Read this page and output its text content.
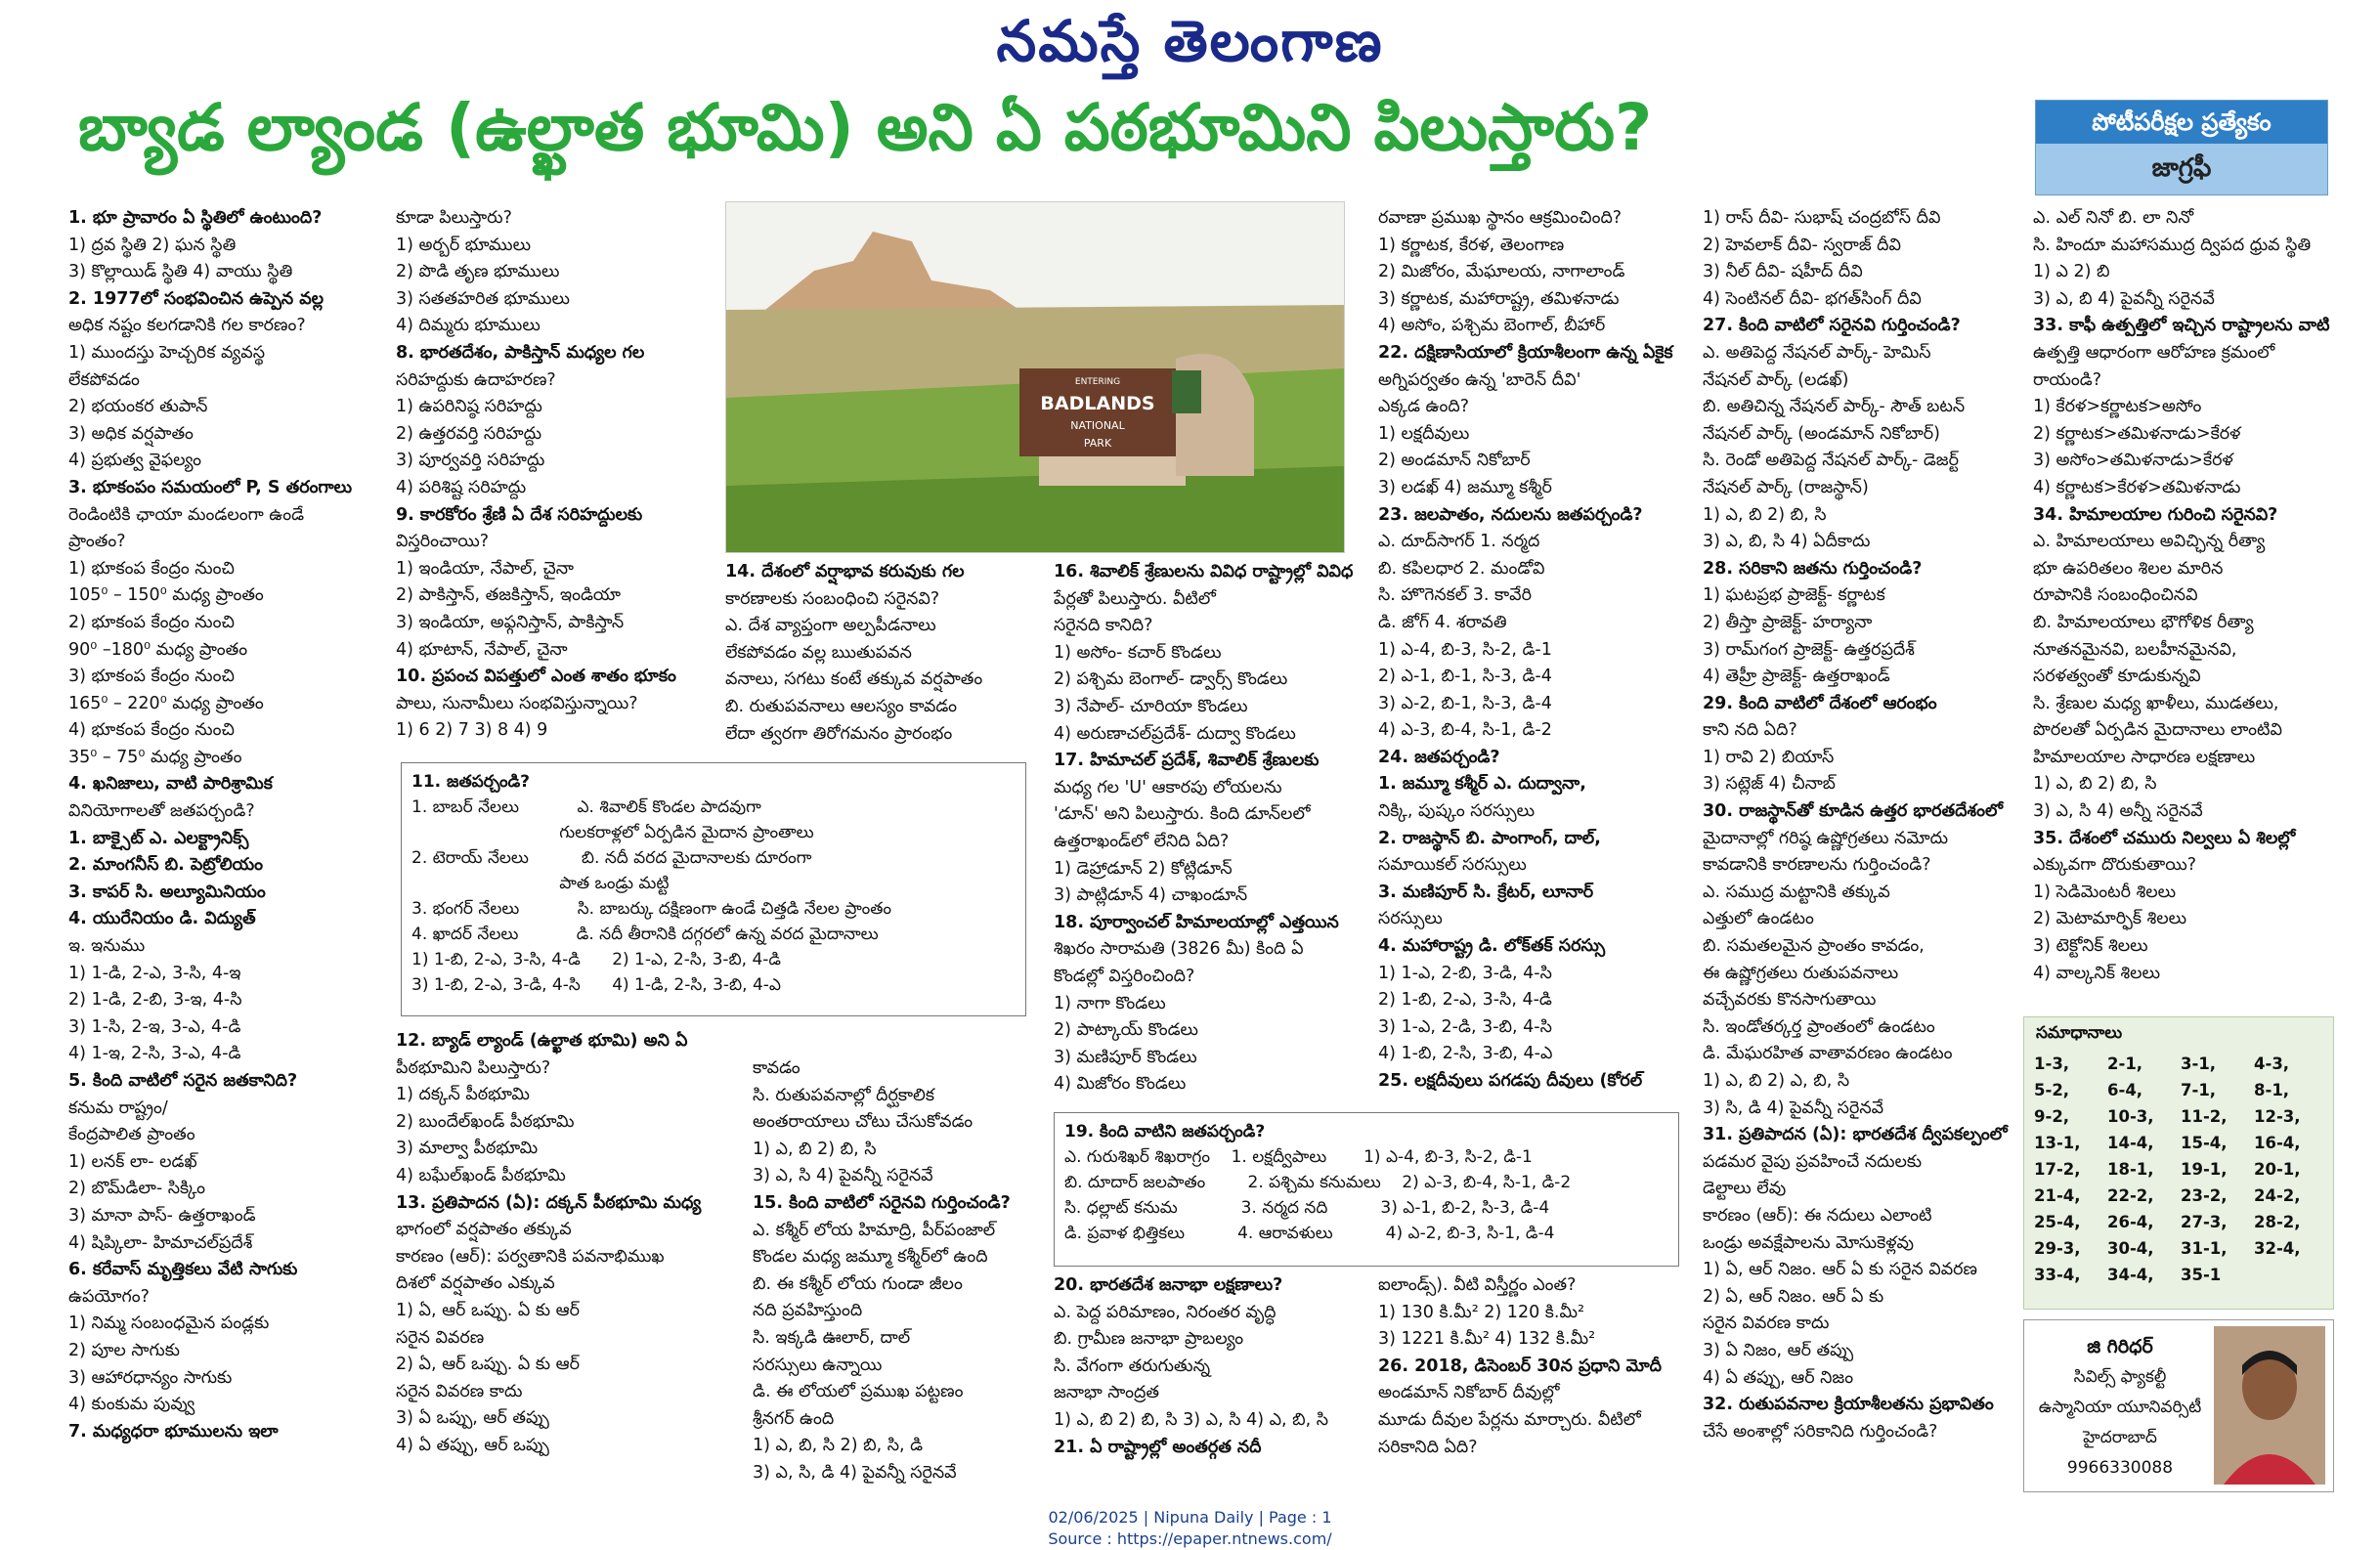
నమస్తే తెలంగాణ
బ్యాడ ల్యాండ (ఉల్ఖాత భూమి) అని ఏ పఠభూమిని పిలుస్తారు?	పోటీపరీక్షల ప్రత్యేకం
జాగ్రఫీ

1. భూ ప్రావారం ఏ స్థితిలో ఉంటుంది?

1) ద్రవ స్థితి 2) ఘన స్థితి

3) కొల్లాయిడ్ స్థితి 4) వాయు స్థితి

2. 1977లో సంభవించిన ఉప్పెన వల్ల

అధిక నష్టం కలగడానికి గల కారణం?

1) ముందస్తు హెచ్చరిక వ్యవస్థ

లేకపోవడం

2) భయంకర తుపాన్

3) అధిక వర్షపాతం

4) ప్రభుత్వ వైఫల్యం

3. భూకంపం సమయంలో P, S తరంగాలు

రెండింటికి ఛాయా మండలంగా ఉండే

ప్రాంతం?

1) భూకంప కేంద్రం నుంచి

105⁰ – 150⁰ మధ్య ప్రాంతం

2) భూకంప కేంద్రం నుంచి

90⁰ –180⁰ మధ్య ప్రాంతం

3) భూకంప కేంద్రం నుంచి

165⁰ – 220⁰ మధ్య ప్రాంతం

4) భూకంప కేంద్రం నుంచి

35⁰ – 75⁰ మధ్య ప్రాంతం

4. ఖనిజాలు, వాటి పారిశ్రామిక

వినియోగాలతో జతపర్చండి?

1. బాక్సైట్ ఎ. ఎలక్ట్రానిక్స్

2. మాంగనీస్ బి. పెట్రోలియం

3. కాపర్ సి. అల్యూమినియం

4. యురేనియం డి. విద్యుత్

ఇ. ఇనుము

1) 1-డి, 2-ఎ, 3-సి, 4-ఇ

2) 1-డి, 2-బి, 3-ఇ, 4-సి

3) 1-సి, 2-ఇ, 3-ఎ, 4-డి

4) 1-ఇ, 2-సి, 3-ఎ, 4-డి

5. కింది వాటిలో సరైన జతకానిది?

కనుమ రాష్ట్రం/

కేంద్రపాలిత ప్రాంతం

1) లనక్ లా- లడఖ్

2) బొమ్‌డిలా- సిక్కిం

3) మానా పాస్- ఉత్తరాఖండ్

4) షిప్కిలా- హిమాచల్‌ప్రదేశ్

6. కరేవాస్ మృత్తికలు వేటి సాగుకు

ఉపయోగం?

1) నిమ్మ సంబంధమైన పండ్లకు

2) పూల సాగుకు

3) ఆహారధాన్యం సాగుకు

4) కుంకుమ పువ్వు

7. మధ్యధరా భూములను ఇలా

కూడా పిలుస్తారు?

1) అర్బర్ భూములు

2) పొడి తృణ భూములు

3) సతతహరిత భూములు

4) దిమ్మరు భూములు

8. భారతదేశం, పాకిస్తాన్ మధ్యల గల

సరిహద్దుకు ఉదాహరణ?

1) ఉపరినిష్ఠ సరిహద్దు

2) ఉత్తరవర్తి సరిహద్దు

3) పూర్వవర్తి సరిహద్దు

4) పరిశిష్ట సరిహద్దు

9. కారకోరం శ్రేణి ఏ దేశ సరిహద్దులకు

విస్తరించాయి?

1) ఇండియా, నేపాల్, చైనా

2) పాకిస్తాన్, తజకిస్తాన్, ఇండియా

3) ఇండియా, అఫ్గనిస్తాన్, పాకిస్తాన్

4) భూటాన్, నేపాల్, చైనా

10. ప్రపంచ విపత్తులో ఎంత శాతం భూకం

పాలు, సునామీలు సంభవిస్తున్నాయి?

1) 6 2) 7 3) 8 4) 9

ENTERING
BADLANDS
NATIONAL
PARK

14. దేశంలో వర్షాభావ కరువుకు గల

కారణాలకు సంబంధించి సరైనవి?

ఎ. దేశ వ్యాప్తంగా అల్పపీడనాలు

లేకపోవడం వల్ల ఋతుపవన

వనాలు, సగటు కంటే తక్కువ వర్షపాతం

బి. రుతుపవనాలు ఆలస్యం కావడం

లేదా త్వరగా తిరోగమనం ప్రారంభం

16. శివాలిక్ శ్రేణులను వివిధ రాష్ట్రాల్లో వివిధ

పేర్లతో పిలుస్తారు. వీటిలో

సరైనది కానిది?

1) అసోం- కచార్ కొండలు

2) పశ్చిమ బెంగాల్- డ్వార్స్ కొండలు

3) నేపాల్- చూరియా కొండలు

4) అరుణాచల్‌ప్రదేశ్- దుద్వా కొండలు

17. హిమాచల్ ప్రదేశ్, శివాలిక్ శ్రేణులకు

మధ్య గల 'U' ఆకారపు లోయలను

'డూన్' అని పిలుస్తారు. కింది డూన్‌లలో

ఉత్తరాఖండ్‌లో లేనిది ఏది?

1) డెహ్రాడూన్ 2) కోట్లిడూన్

3) పాట్లిడూన్ 4) చాఖండూన్

18. పూర్వాంచల్ హిమాలయాల్లో ఎత్తయిన

శిఖరం సారామతి (3826 మీ) కింది ఏ

కొండల్లో విస్తరించింది?

1) నాగా కొండలు

2) పాట్కాయ్ కొండలు

3) మణిపూర్ కొండలు

4) మిజోరం కొండలు

11. జతపర్చండి?

1. బాబర్ నేలలు           ఎ. శివాలిక్ కొండల పాదవుగా

గులకరాళ్లలో ఏర్పడిన మైదాన ప్రాంతాలు

2. టెరాయ్ నేలలు          బి. నదీ వరద మైదానాలకు దూరంగా

పాత ఒండ్రు మట్టి

3. భంగర్ నేలలు           సి. బాబర్కు దక్షిణంగా ఉండే చిత్తడి నేలల ప్రాంతం

4. ఖాదర్ నేలలు           డి. నదీ తీరానికి దగ్గరలో ఉన్న వరద మైదానాలు

1) 1-బి, 2-ఎ, 3-సి, 4-డి      2) 1-ఎ, 2-సి, 3-బి, 4-డి

3) 1-బి, 2-ఎ, 3-డి, 4-సి      4) 1-డి, 2-సి, 3-బి, 4-ఎ

12. బ్యాడ్ ల్యాండ్ (ఉల్ఖాత భూమి) అని ఏ

పీఠభూమిని పిలుస్తారు?

1) దక్కన్ పీఠభూమి

2) బుందేల్‌ఖండ్ పీఠభూమి

3) మాల్వా పీఠభూమి

4) బఘేల్‌ఖండ్ పీఠభూమి

13. ప్రతిపాదన (ఏ): దక్కన్ పీఠభూమి మధ్య

భాగంలో వర్షపాతం తక్కువ

కారణం (ఆర్): పర్వతానికి పవనాభిముఖ

దిశలో వర్షపాతం ఎక్కువ

1) ఏ, ఆర్ ఒప్పు. ఏ కు ఆర్

సరైన వివరణ

2) ఏ, ఆర్ ఒప్పు. ఏ కు ఆర్

సరైన వివరణ కాదు

3) ఏ ఒప్పు, ఆర్ తప్పు

4) ఏ తప్పు, ఆర్ ఒప్పు

కావడం

సి. రుతుపవనాల్లో దీర్ఘకాలిక

అంతరాయాలు చోటు చేసుకోవడం

1) ఎ, బి 2) బి, సి

3) ఎ, సి 4) పైవన్నీ సరైనవే

15. కింది వాటిలో సరైనవి గుర్తించండి?

ఎ. కశ్మీర్ లోయ హిమాద్రి, పీర్‌పంజాల్

కొండల మధ్య జమ్మూ కశ్మీర్‌లో ఉంది

బి. ఈ కశ్మీర్ లోయ గుండా జీలం

నది ప్రవహిస్తుంది

సి. ఇక్కడి ఊలార్, దాల్

సరస్సులు ఉన్నాయి

డి. ఈ లోయలో ప్రముఖ పట్టణం

శ్రీనగర్ ఉంది

1) ఎ, బి, సి 2) బి, సి, డి

3) ఎ, సి, డి 4) పైవన్నీ సరైనవే

19. కింది వాటిని జతపర్చండి?

ఎ. గురుశిఖర్ శిఖరాగ్రం    1. లక్షద్వీపాలు       1) ఎ-4, బి-3, సి-2, డి-1

బి. దూదార్ జలపాతం        2. పశ్చిమ కనుమలు    2) ఎ-3, బి-4, సి-1, డి-2

సి. ధల్లాట్ కనుమ            3. నర్మద నది          3) ఎ-1, బి-2, సి-3, డి-4

డి. ప్రవాళ భిత్తికలు          4. ఆరావళులు          4) ఎ-2, బి-3, సి-1, డి-4

20. భారతదేశ జనాభా లక్షణాలు?

ఎ. పెద్ద పరిమాణం, నిరంతర వృద్ధి

బి. గ్రామీణ జనాభా ప్రాబల్యం

సి. వేగంగా తరుగుతున్న

జనాభా సాంద్రత

1) ఎ, బి 2) బి, సి 3) ఎ, సి 4) ఎ, బి, సి

21. ఏ రాష్ట్రాల్లో అంతర్గత నదీ

రవాణా ప్రముఖ స్థానం ఆక్రమించింది?

1) కర్ణాటక, కేరళ, తెలంగాణ

2) మిజోరం, మేఘాలయ, నాగాలాండ్

3) కర్ణాటక, మహారాష్ట్ర, తమిళనాడు

4) అసోం, పశ్చిమ బెంగాల్, బీహార్

22. దక్షిణాసియాలో క్రియాశీలంగా ఉన్న ఏకైక

అగ్నిపర్వతం ఉన్న 'బారెన్ దీవి'

ఎక్కడ ఉంది?

1) లక్షదీవులు

2) అండమాన్ నికోబార్

3) లడఖ్ 4) జమ్మూ కశ్మీర్

23. జలపాతం, నదులను జతపర్చండి?

ఎ. దూద్‌సాగర్ 1. నర్మద

బి. కపిలధార 2. మండోవి

సి. హొగెనకల్ 3. కావేరి

డి. జోగ్ 4. శరావతి

1) ఎ-4, బి-3, సి-2, డి-1

2) ఎ-1, బి-1, సి-3, డి-4

3) ఎ-2, బి-1, సి-3, డి-4

4) ఎ-3, బి-4, సి-1, డి-2

24. జతపర్చండి?

1. జమ్మూ కశ్మీర్ ఎ. దుద్వానా,

నిక్కి, పుష్కం సరస్సులు

2. రాజస్థాన్ బి. పాంగాంగ్, దాల్,

సమాయికల్ సరస్సులు

3. మణిపూర్ సి. క్రేటర్, లూనార్

సరస్సులు

4. మహారాష్ట్ర డి. లోక్‌తక్ సరస్సు

1) 1-ఎ, 2-బి, 3-డి, 4-సి

2) 1-బి, 2-ఎ, 3-సి, 4-డి

3) 1-ఎ, 2-డి, 3-బి, 4-సి

4) 1-బి, 2-సి, 3-బి, 4-ఎ

25. లక్షదీవులు పగడపు దీవులు (కోరల్

ఐలాండ్స్). వీటి విస్తీర్ణం ఎంత?

1) 130 కి.మీ² 2) 120 కి.మీ²

3) 1221 కి.మీ² 4) 132 కి.మీ²

26. 2018, డిసెంబర్ 30న ప్రధాని మోదీ

అండమాన్ నికోబార్ దీవుల్లో

మూడు దీవుల పేర్లను మార్చారు. వీటిలో

సరికానిది ఏది?

1) రాస్ దీవి- సుభాష్ చంద్రబోస్ దీవి

2) హెవలాక్ దీవి- స్వరాజ్ దీవి

3) నీల్ దీవి- షహీద్ దీవి

4) సెంటినల్ దీవి- భగత్‌సింగ్ దీవి

27. కింది వాటిలో సరైనవి గుర్తించండి?

ఎ. అతిపెద్ద నేషనల్ పార్క్- హెమిస్

నేషనల్ పార్క్ (లడఖ్)

బి. అతిచిన్న నేషనల్ పార్క్- సౌత్ బటన్

నేషనల్ పార్క్ (అండమాన్ నికోబార్)

సి. రెండో అతిపెద్ద నేషనల్ పార్క్- డెజర్ట్

నేషనల్ పార్క్ (రాజస్థాన్)

1) ఎ, బి 2) బి, సి

3) ఎ, బి, సి 4) ఏదీకాదు

28. సరికాని జతను గుర్తించండి?

1) ఘటప్రభ ప్రాజెక్ట్- కర్ణాటక

2) తీస్తా ప్రాజెక్ట్- హర్యానా

3) రామ్‌గంగ ప్రాజెక్ట్- ఉత్తరప్రదేశ్

4) తెహ్రీ ప్రాజెక్ట్- ఉత్తరాఖండ్

29. కింది వాటిలో దేశంలో ఆరంభం

కాని నది ఏది?

1) రావి 2) బియాస్

3) సట్లెజ్ 4) చీనాబ్

30. రాజస్థాన్‌తో కూడిన ఉత్తర భారతదేశంలో

మైదానాల్లో గరిష్ఠ ఉష్ణోగ్రతలు నమోదు

కావడానికి కారణాలను గుర్తించండి?

ఎ. సముద్ర మట్టానికి తక్కువ

ఎత్తులో ఉండటం

బి. సమతలమైన ప్రాంతం కావడం,

ఈ ఉష్ణోగ్రతలు రుతుపవనాలు

వచ్చేవరకు కొనసాగుతాయి

సి. ఇండోతర్కర్త ప్రాంతంలో ఉండటం

డి. మేఘరహిత వాతావరణం ఉండటం

1) ఎ, బి 2) ఎ, బి, సి

3) సి, డి 4) పైవన్నీ సరైనవే

31. ప్రతిపాదన (ఏ): భారతదేశ ద్వీపకల్పంలో

పడమర వైపు ప్రవహించే నదులకు

డెల్టాలు లేవు

కారణం (ఆర్): ఈ నదులు ఎలాంటి

ఒండ్రు అవక్షేపాలను మోసుకెళ్లవు

1) ఏ, ఆర్ నిజం. ఆర్ ఏ కు సరైన వివరణ

2) ఏ, ఆర్ నిజం. ఆర్ ఏ కు

సరైన వివరణ కాదు

3) ఏ నిజం, ఆర్ తప్పు

4) ఏ తప్పు, ఆర్ నిజం

32. రుతుపవనాల క్రియాశీలతను ప్రభావితం

చేసే అంశాల్లో సరికానిది గుర్తించండి?

ఎ. ఎల్ నినో బి. లా నినో

సి. హిందూ మహాసముద్ర ద్విపద ధ్రువ స్థితి

1) ఎ 2) బి

3) ఎ, బి 4) పైవన్నీ సరైనవే

33. కాఫీ ఉత్పత్తిలో ఇచ్చిన రాష్ట్రాలను వాటి

ఉత్పత్తి ఆధారంగా ఆరోహణ క్రమంలో

రాయండి?

1) కేరళ>కర్ణాటక>అసోం

2) కర్ణాటక>తమిళనాడు>కేరళ

3) అసోం>తమిళనాడు>కేరళ

4) కర్ణాటక>కేరళ>తమిళనాడు

34. హిమాలయాల గురించి సరైనవి?

ఎ. హిమాలయాలు అవిచ్ఛిన్న రీత్యా

భూ ఉపరితలం శిలల మారిన

రూపానికి సంబంధించినవి

బి. హిమాలయాలు భౌగోళిక రీత్యా

నూతనమైనవి, బలహీనమైనవి,

సరళత్వంతో కూడుకున్నవి

సి. శ్రేణుల మధ్య ఖాళీలు, ముడతలు,

పొరలతో ఏర్పడిన మైదానాలు లాంటివి

హిమాలయాల సాధారణ లక్షణాలు

1) ఎ, బి 2) బి, సి

3) ఎ, సి 4) అన్నీ సరైనవే

35. దేశంలో చమురు నిల్వలు ఏ శిలల్లో

ఎక్కువగా దొరుకుతాయి?

1) సెడిమెంటరీ శిలలు

2) మెటామార్ఫిక్ శిలలు

3) టెక్టోనిక్ శిలలు

4) వాల్కనిక్ శిలలు

సమాధానాలు
1-3,	2-1,	3-1,	4-3,
5-2,	6-4,	7-1,	8-1,
9-2,	10-3,	11-2,	12-3,
13-1,	14-4,	15-4,	16-4,
17-2,	18-1,	19-1,	20-1,
21-4,	22-2,	23-2,	24-2,
25-4,	26-4,	27-3,	28-2,
29-3,	30-4,	31-1,	32-4,
33-4,	34-4,	35-1
జి గిరిధర్
సివిల్స్ ఫ్యాకల్టీ
ఉస్మానియా యూనివర్సిటీ
హైదరాబాద్
9966330088
02/06/2025 | Nipuna Daily | Page : 1
Source : https://epaper.ntnews.com/
